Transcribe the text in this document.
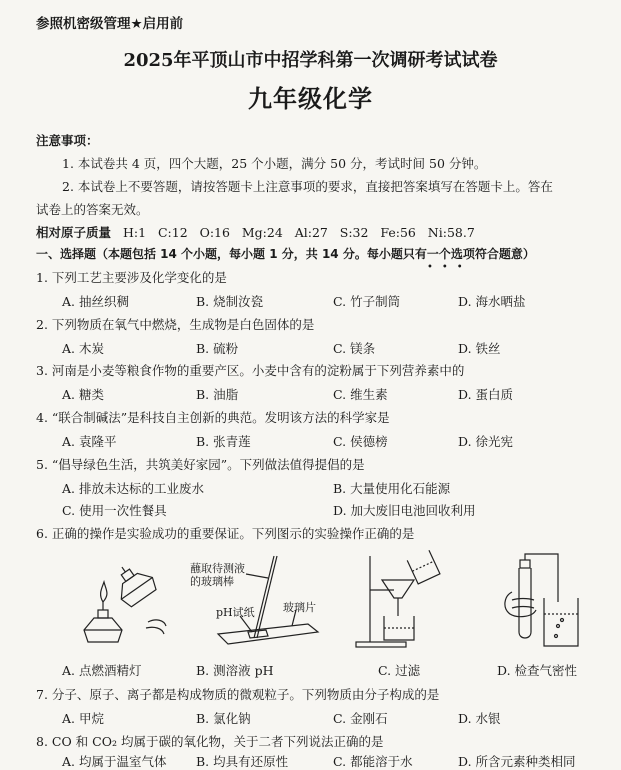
参照机密级管理★启用前
2025年平顶山市中招学科第一次调研考试试卷
九年级化学
注意事项：
1. 本试卷共 4 页，四个大题，25 个小题，满分 50 分，考试时间 50 分钟。
2. 本试卷上不要答题，请按答题卡上注意事项的要求，直接把答案填写在答题卡上。答在
试卷上的答案无效。
相对原子质量 H:1   C:12   O:16   Mg:24   Al:27   S:32   Fe:56   Ni:58.7
一、选择题（本题包括 14 个小题，每小题 1 分，共 14 分。每小题只有一个选项符合题意）
•••
1. 下列工艺主要涉及化学变化的是
A. 抽丝织稠	B. 烧制汝瓷	C. 竹子制筒	D. 海水晒盐
2. 下列物质在氧气中燃烧，生成物是白色固体的是
A. 木炭	B. 硫粉	C. 镁条	D. 铁丝
3. 河南是小麦等粮食作物的重要产区。小麦中含有的淀粉属于下列营养素中的
A. 糖类	B. 油脂	C. 维生素	D. 蛋白质
4. “联合制碱法”是科技自主创新的典范。发明该方法的科学家是
A. 袁隆平	B. 张青莲	C. 侯德榜	D. 徐光宪
5. “倡导绿色生活，共筑美好家园”。下列做法值得提倡的是
A. 排放未达标的工业废水	B. 大量使用化石能源
C. 使用一次性餐具	D. 加大废旧电池回收利用
6. 正确的操作是实验成功的重要保证。下列图示的实验操作正确的是
蘸取待测液
的玻璃棒
pH试纸	玻璃片
A. 点燃酒精灯	B. 测溶液 pH	C. 过滤	D. 检查气密性
7. 分子、原子、离子都是构成物质的微观粒子。下列物质由分子构成的是
A. 甲烷	B. 氯化钠	C. 金刚石	D. 水银
8. CO 和 CO₂ 均属于碳的氧化物，关于二者下列说法正确的是
A. 均属于温室气体 B. 均具有还原性	C. 都能溶于水	D. 所含元素种类相同
